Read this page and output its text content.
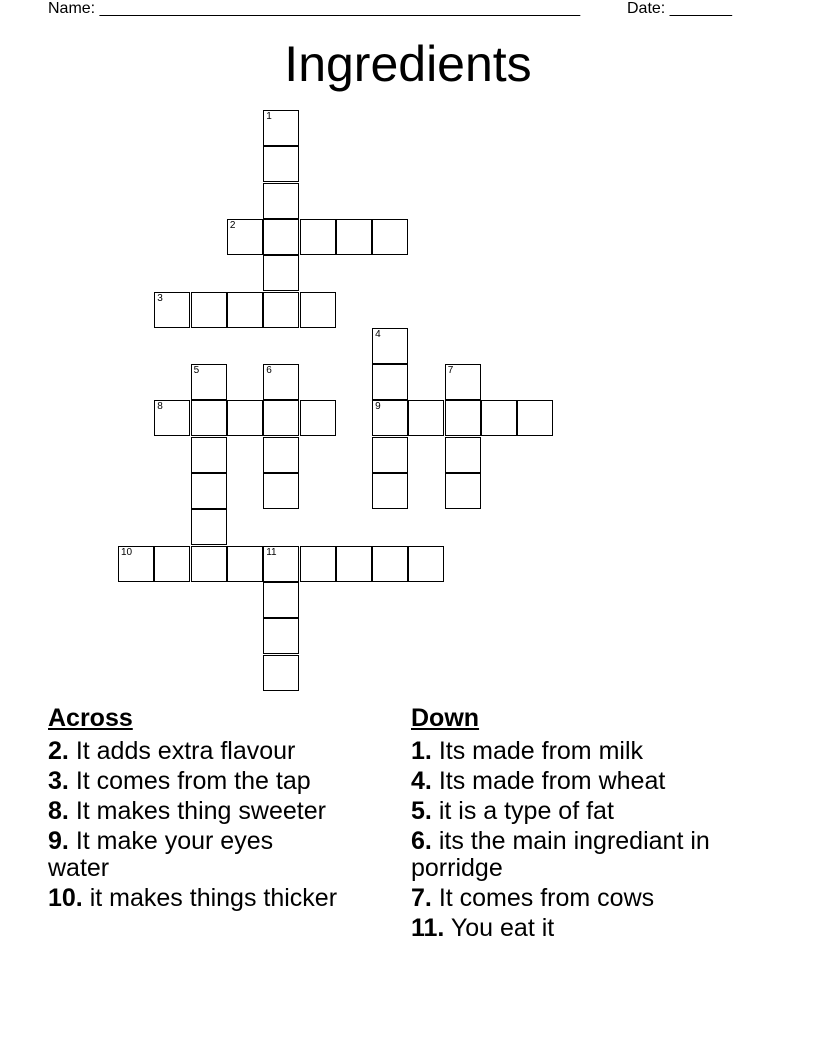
Name: ______________________________________________________	Date: _______
Ingredients
1
2
3
4
5	6	7
8	9
10	11
Across
2. It adds extra flavour
3. It comes from the tap
8. It makes thing sweeter
9. It make your eyes water
10. it makes things thicker
Down
1. Its made from milk
4. Its made from wheat
5. it is a type of fat
6. its the main ingrediant in porridge
7. It comes from cows
11. You eat it
